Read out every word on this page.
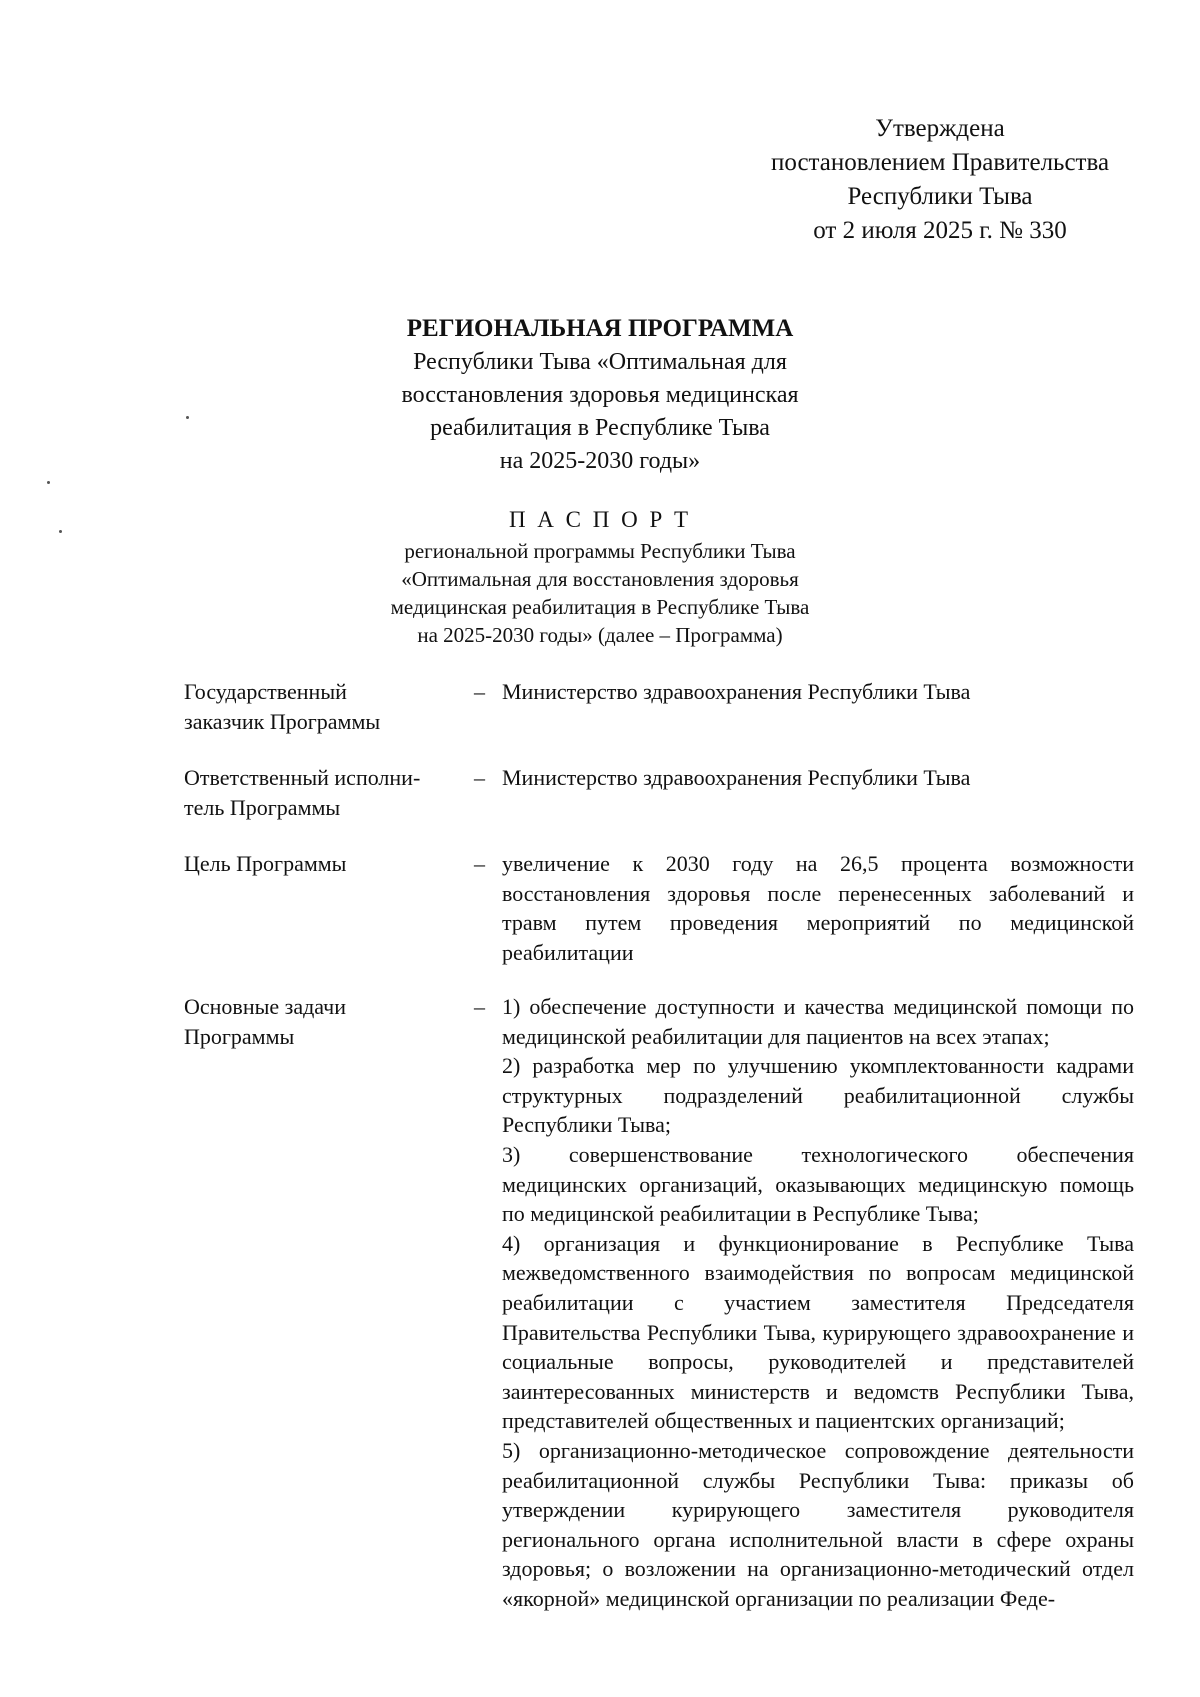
Утверждена
постановлением Правительства
Республики Тыва
от 2 июля 2025 г. № 330
РЕГИОНАЛЬНАЯ ПРОГРАММА
Республики Тыва «Оптимальная для
восстановления здоровья медицинская
реабилитация в Республике Тыва
на 2025-2030 годы»
П А С П О Р Т
региональной программы Республики Тыва
«Оптимальная для восстановления здоровья
медицинская реабилитация в Республике Тыва
на 2025-2030 годы» (далее – Программа)
Государственный
заказчик Программы
– Министерство здравоохранения Республики Тыва
Ответственный исполни-
тель Программы
– Министерство здравоохранения Республики Тыва
Цель Программы	– увеличение к 2030 году на 26,5 процента возможности восстановления здоровья после перенесенных заболеваний и травм путем проведения мероприятий по медицинской реабилитации

Основные задачи
Программы
– 1) обеспечение доступности и качества медицинской помощи по медицинской реабилитации для пациентов на всех этапах;

2) разработка мер по улучшению укомплектованности кадрами структурных подразделений реабилитационной службы Республики Тыва;

3) совершенствование технологического обеспечения медицинских организаций, оказывающих медицинскую помощь по медицинской реабилитации в Республике Тыва;

4) организация и функционирование в Республике Тыва межведомственного взаимодействия по вопросам медицинской реабилитации с участием заместителя Председателя Правительства Республики Тыва, курирующего здравоохранение и социальные вопросы, руководителей и представителей заинтересованных министерств и ведомств Республики Тыва, представителей общественных и пациентских организаций;

5) организационно-методическое сопровождение деятельности реабилитационной службы Республики Тыва: приказы об утверждении курирующего заместителя руководителя регионального органа исполнительной власти в сфере охраны здоровья; о возложении на организационно-методический отдел «якорной» медицинской организации по реализации Феде-
